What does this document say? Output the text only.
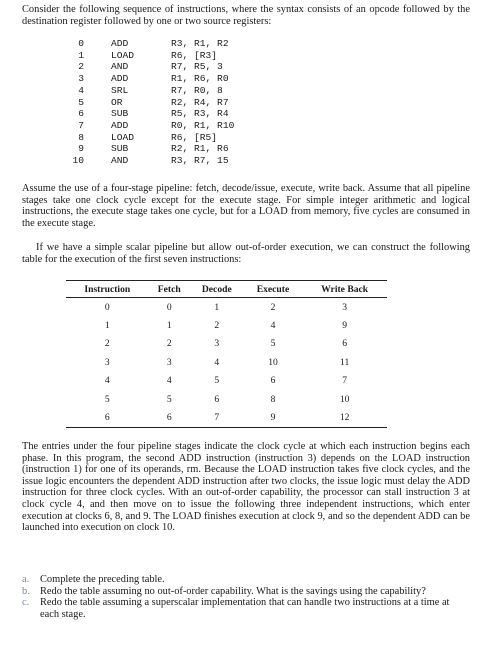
Consider the following sequence of instructions, where the syntax consists of an opcode followed by the destination register followed by one or two source registers:
0	ADD	R3, R1, R2
1	LOAD	R6, [R3]
2	AND	R7, R5, 3
3	ADD	R1, R6, R0
4	SRL	R7, R0, 8
5	OR	R2, R4, R7
6	SUB	R5, R3, R4
7	ADD	R0, R1, R10
8	LOAD	R6, [R5]
9	SUB	R2, R1, R6
10	AND	R3, R7, 15
Assume the use of a four-stage pipeline: fetch, decode/issue, execute, write back. Assume that all pipeline stages take one clock cycle except for the execute stage. For simple integer arithmetic and logical instructions, the execute stage takes one cycle, but for a LOAD from memory, five cycles are consumed in the execute stage.
If we have a simple scalar pipeline but allow out-of-order execution, we can construct the following table for the execution of the first seven instructions:
Instruction	Fetch	Decode	Execute	Write Back
0	0	1	2	3
1	1	2	4	9
2	2	3	5	6
3	3	4	10	11
4	4	5	6	7
5	5	6	8	10
6	6	7	9	12
The entries under the four pipeline stages indicate the clock cycle at which each instruction begins each phase. In this program, the second ADD instruction (instruction 3) depends on the LOAD instruction (instruction 1) for one of its operands, rm. Because the LOAD instruction takes five clock cycles, and the issue logic encounters the dependent ADD instruction after two clocks, the issue logic must delay the ADD instruction for three clock cycles. With an out-of-order capability, the processor can stall instruction 3 at clock cycle 4, and then move on to issue the following three independent instructions, which enter execution at clocks 6, 8, and 9. The LOAD finishes execution at clock 9, and so the dependent ADD can be launched into execution on clock 10.
a.	Complete the preceding table.
b. Redo the table assuming no out-of-order capability. What is the savings using the capability?
c.	Redo the table assuming a superscalar implementation that can handle two instructions at a time at each stage.
